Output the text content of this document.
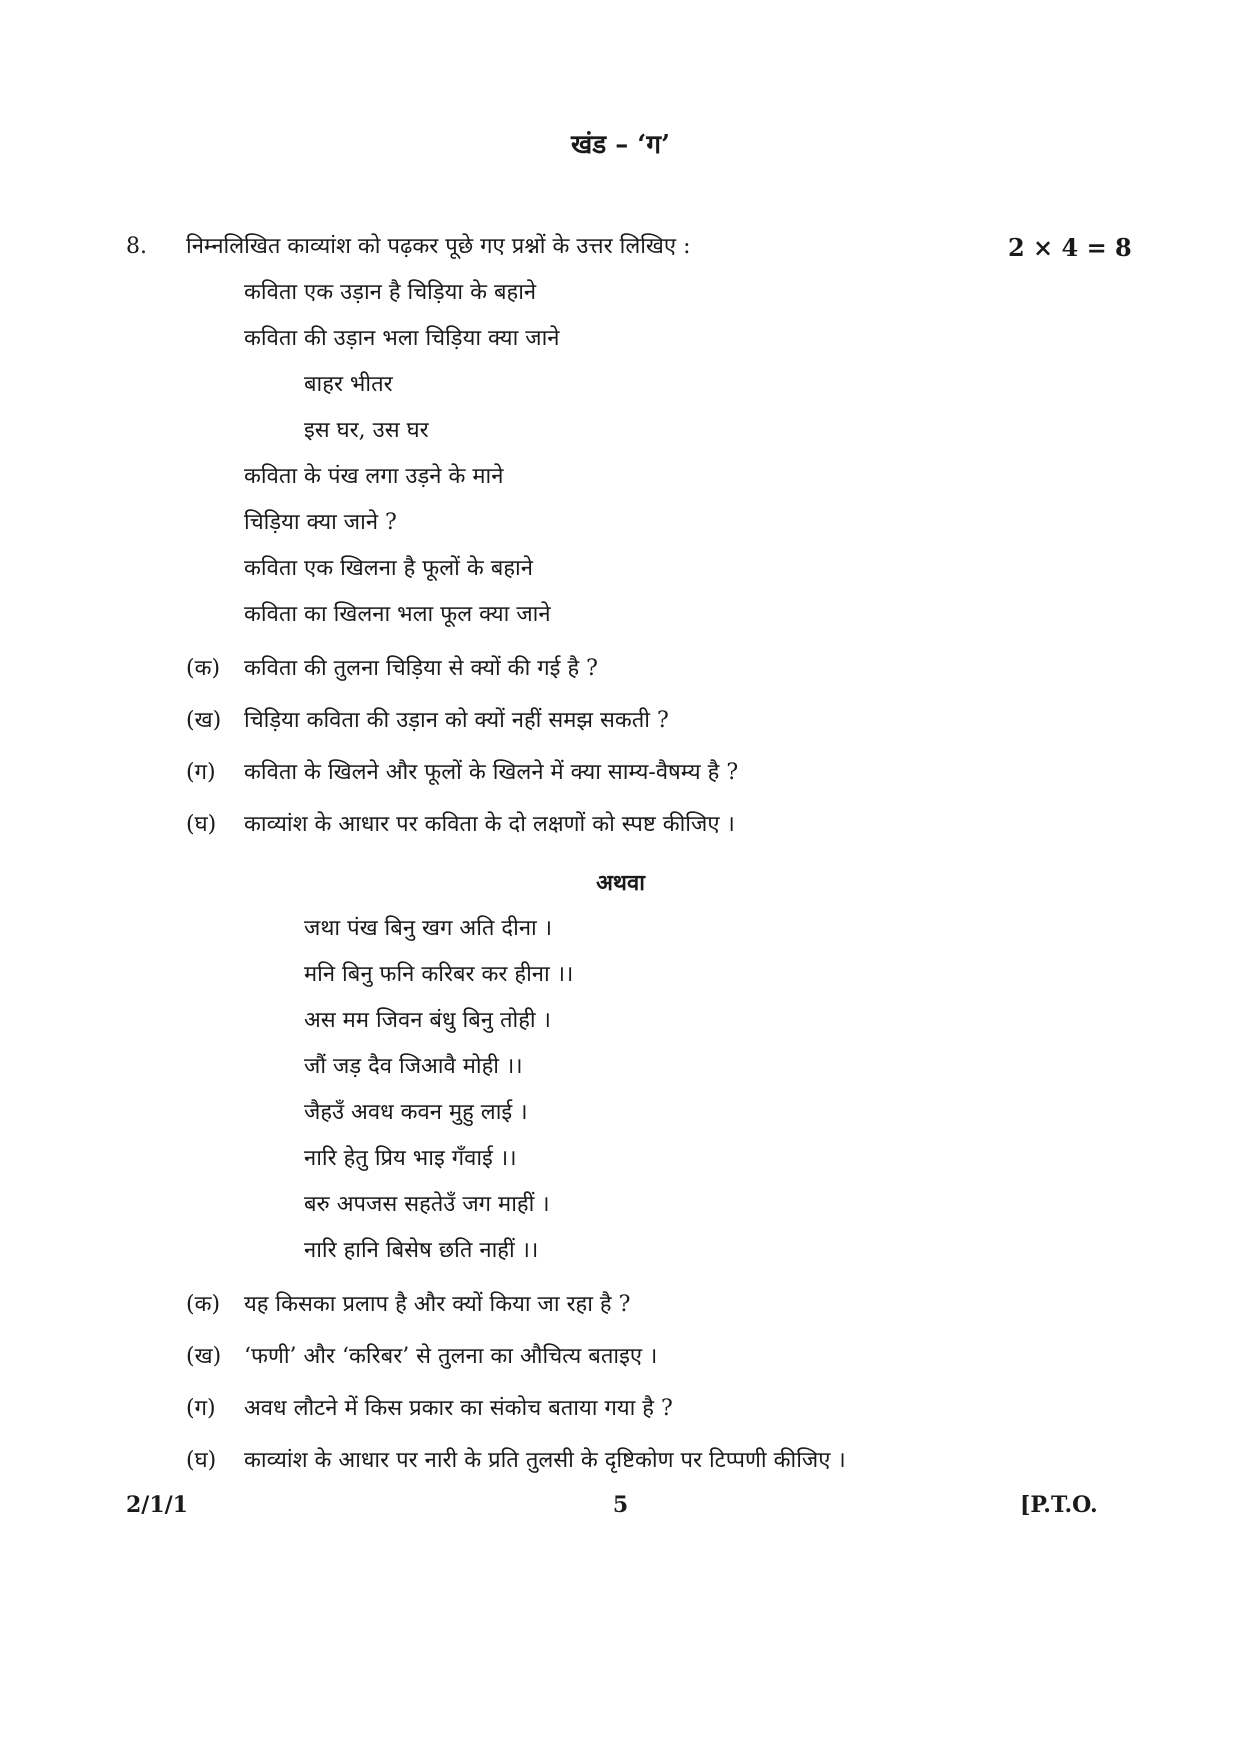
खंड – ‘ग’
8. निम्नलिखित काव्यांश को पढ़कर पूछे गए प्रश्नों के उत्तर लिखिए :	2 × 4 = 8
कविता एक उड़ान है चिड़िया के बहाने
कविता की उड़ान भला चिड़िया क्या जाने
बाहर भीतर
इस घर, उस घर
कविता के पंख लगा उड़ने के माने
चिड़िया क्या जाने ?
कविता एक खिलना है फूलों के बहाने
कविता का खिलना भला फूल क्या जाने
(क) कविता की तुलना चिड़िया से क्यों की गई है ?
(ख) चिड़िया कविता की उड़ान को क्यों नहीं समझ सकती ?
(ग) कविता के खिलने और फूलों के खिलने में क्या साम्य-वैषम्य है ?
(घ) काव्यांश के आधार पर कविता के दो लक्षणों को स्पष्ट कीजिए ।
अथवा
जथा पंख बिनु खग अति दीना ।
मनि बिनु फनि करिबर कर हीना ।।
अस मम जिवन बंधु बिनु तोही ।
जौं जड़ दैव जिआवै मोही ।।
जैहउँ अवध कवन मुहु लाई ।
नारि हेतु प्रिय भाइ गँवाई ।।
बरु अपजस सहतेउँ जग माहीं ।
नारि हानि बिसेष छति नाहीं ।।
(क) यह किसका प्रलाप है और क्यों किया जा रहा है ?
(ख) ‘फणी’ और ‘करिबर’ से तुलना का औचित्य बताइए ।
(ग) अवध लौटने में किस प्रकार का संकोच बताया गया है ?
(घ) काव्यांश के आधार पर नारी के प्रति तुलसी के दृष्टिकोण पर टिप्पणी कीजिए ।
2/1/1	5	[P.T.O.
